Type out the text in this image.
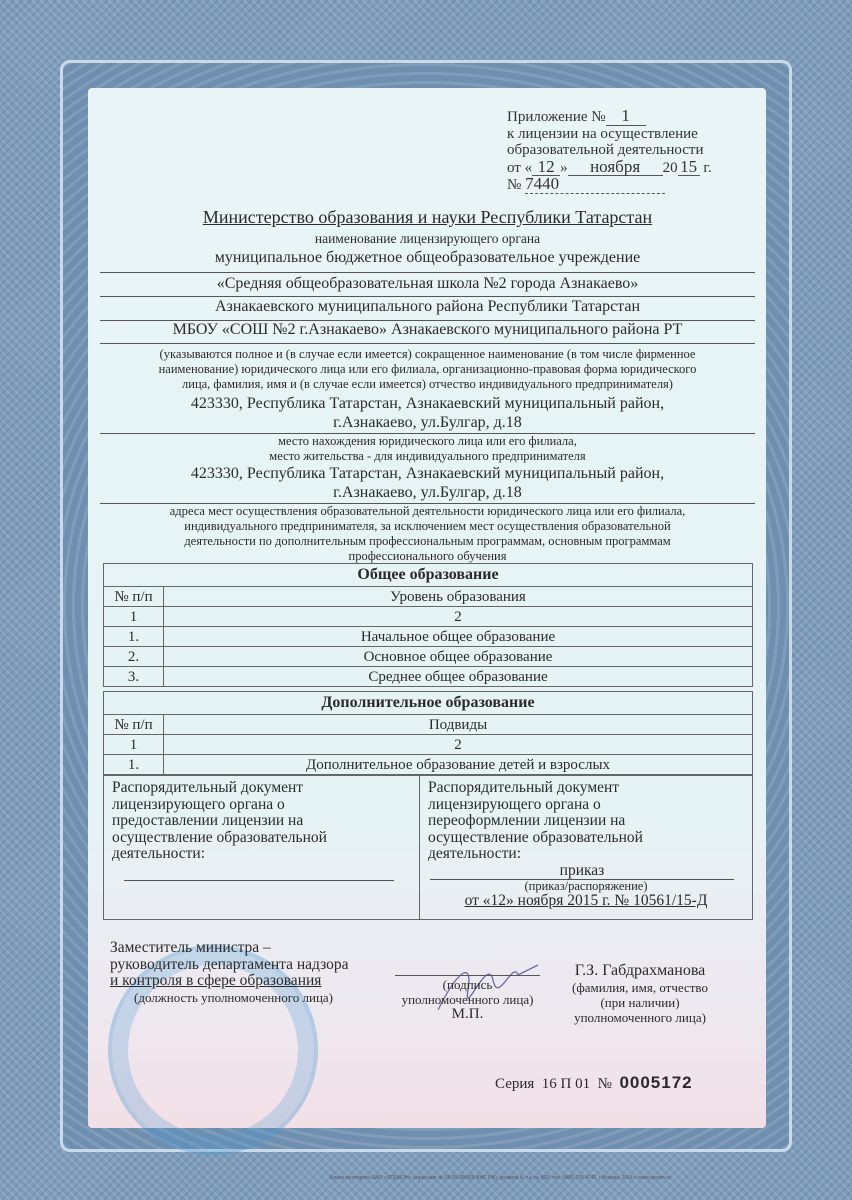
Приложение № 1
к лицензии на осуществление
образовательной деятельности
от « 12 » ноября 20 15 г.
№ 7440
Министерство образования и науки Республики Татарстан
наименование лицензирующего органа
муниципальное бюджетное общеобразовательное учреждение
«Средняя общеобразовательная школа №2 города Азнакаево»
Азнакаевского муниципального района Республики Татарстан
МБОУ «СОШ №2 г.Азнакаево» Азнакаевского муниципального района РТ
(указываются полное и (в случае если имеется) сокращенное наименование (в том числе фирменное
наименование) юридического лица или его филиала, организационно-правовая форма юридического
лица, фамилия, имя и (в случае если имеется) отчество индивидуального предпринимателя)
423330, Республика Татарстан, Азнакаевский муниципальный район,
г.Азнакаево, ул.Булгар, д.18
место нахождения юридического лица или его филиала,
место жительства - для индивидуального предпринимателя
423330, Республика Татарстан, Азнакаевский муниципальный район,
г.Азнакаево, ул.Булгар, д.18
адреса мест осуществления образовательной деятельности юридического лица или его филиала,
индивидуального предпринимателя, за исключением мест осуществления образовательной
деятельности по дополнительным профессиональным программам, основным программам
профессионального обучения
Общее образование	
№ п/п	Уровень образования
1	2
1.	Начальное общее образование
2.	Основное общее образование
3.	Среднее общее образование
Дополнительное образование	
№ п/п	Подвиды
1	2
1.	Дополнительное образование детей и взрослых
Распорядительный документ
лицензирующего органа о
предоставлении лицензии на
осуществление образовательной
деятельности:
Распорядительный документ
лицензирующего органа о
переоформлении лицензии на
осуществление образовательной
деятельности:
приказ
(приказ/распоряжение)
от «12» ноября 2015 г. № 10561/15-Д
Заместитель министра –
руководитель департамента надзора
и контроля в сфере образования
(должность уполномоченного лица)
(подпись
уполномоченного лица)
М.П.
Г.З. Габдрахманова
(фамилия, имя, отчество
(при наличии)
уполномоченного лица)
Серия 16 П 01 № 0005172
Бланк изготовлен ЗАО «ОПЦИОН» (лицензия № 05-05-09/003 ФНС РФ), уровень А, т.з. № 520, тел. (495) 726 4742, г.Москва, 2014 г. www.opcion.ru
